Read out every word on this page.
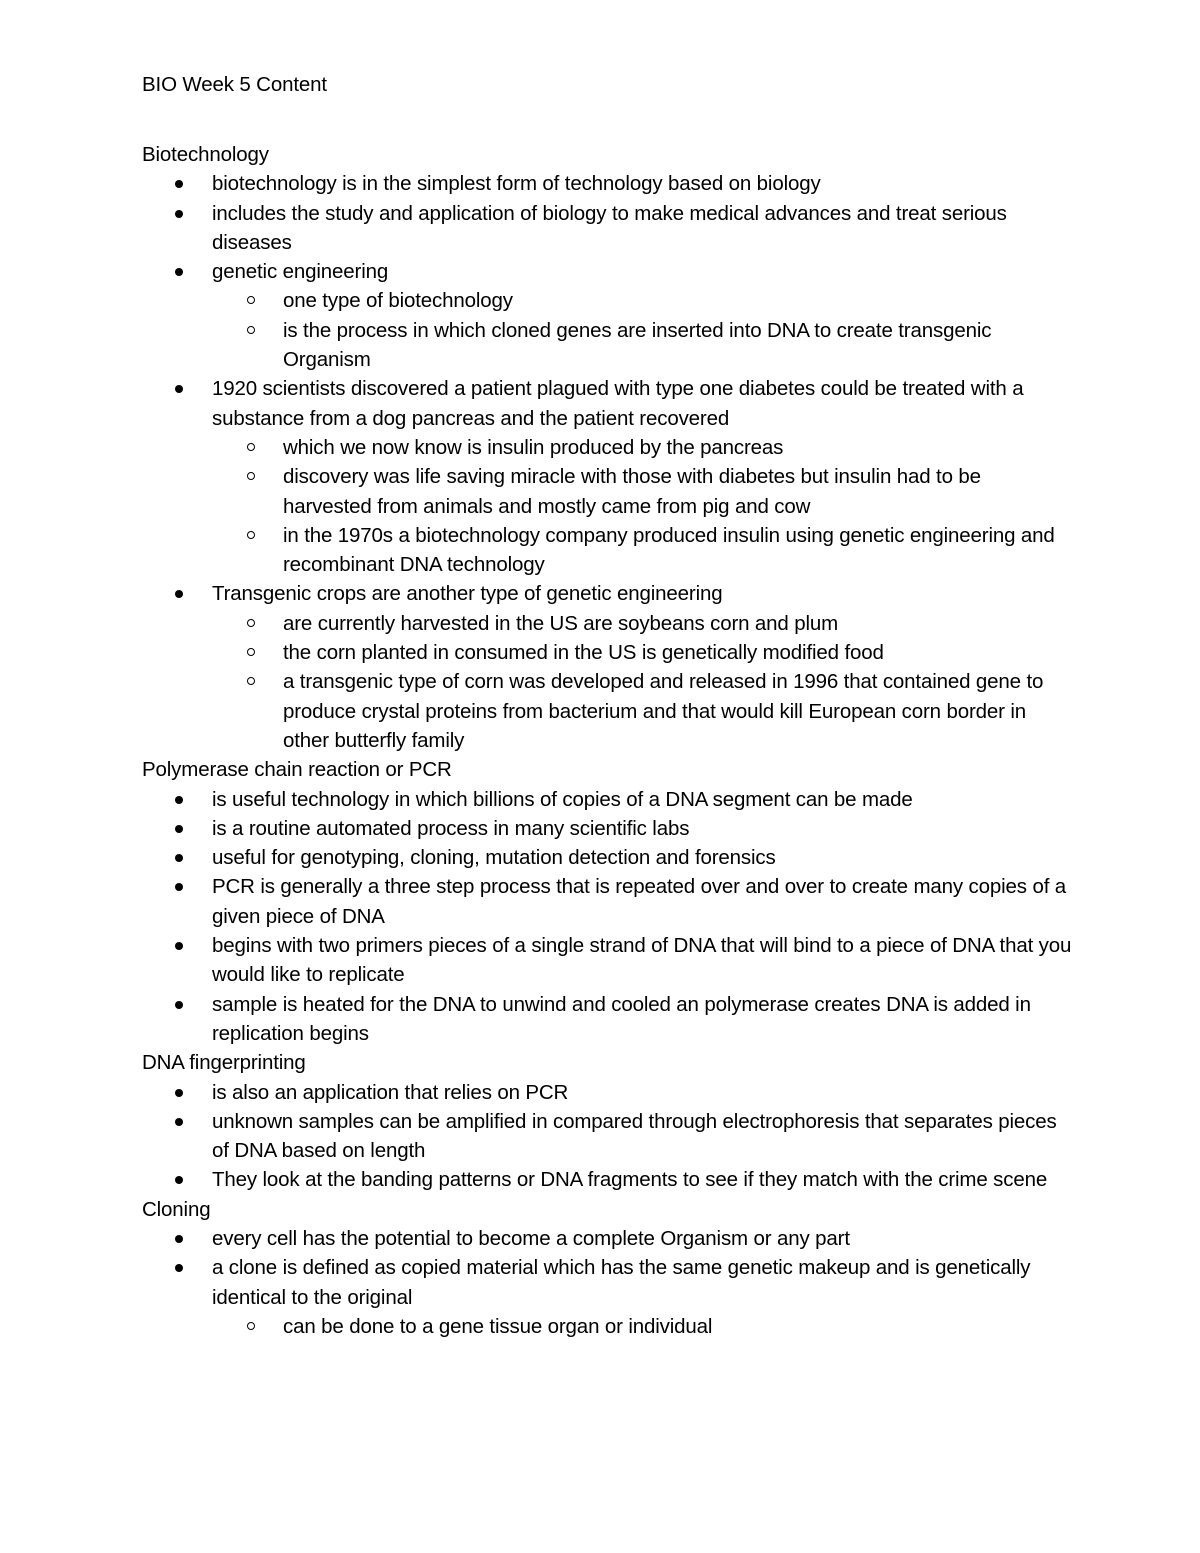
BIO Week 5 Content
Biotechnology
biotechnology is in the simplest form of technology based on biology
includes the study and application of biology to make medical advances and treat serious diseases
genetic engineering
one type of biotechnology
is the process in which cloned genes are inserted into DNA to create transgenic Organism
1920 scientists discovered a patient plagued with type one diabetes could be treated with a substance from a dog pancreas and the patient recovered
which we now know is insulin produced by the pancreas
discovery was life saving miracle with those with diabetes but insulin had to be harvested from animals and mostly came from pig and cow
in the 1970s a biotechnology company produced insulin using genetic engineering and recombinant DNA technology
Transgenic crops are another type of genetic engineering
are currently harvested in the US are soybeans corn and plum
the corn planted in consumed in the US is genetically modified food
a transgenic type of corn was developed and released in 1996 that contained gene to produce crystal proteins from bacterium and that would kill European corn border in other butterfly family
Polymerase chain reaction or PCR
is useful technology in which billions of copies of a DNA segment can be made
is a routine automated process in many scientific labs
useful for genotyping, cloning, mutation detection and forensics
PCR is generally a three step process that is repeated over and over to create many copies of a given piece of DNA
begins with two primers pieces of a single strand of DNA that will bind to a piece of DNA that you would like to replicate
sample is heated for the DNA to unwind and cooled an polymerase creates DNA is added in replication begins
DNA fingerprinting
is also an application that relies on PCR
unknown samples can be amplified in compared through electrophoresis that separates pieces of DNA based on length
They look at the banding patterns or DNA fragments to see if they match with the crime scene
Cloning
every cell has the potential to become a complete Organism or any part
a clone is defined as copied material which has the same genetic makeup and is genetically identical to the original
can be done to a gene tissue organ or individual
